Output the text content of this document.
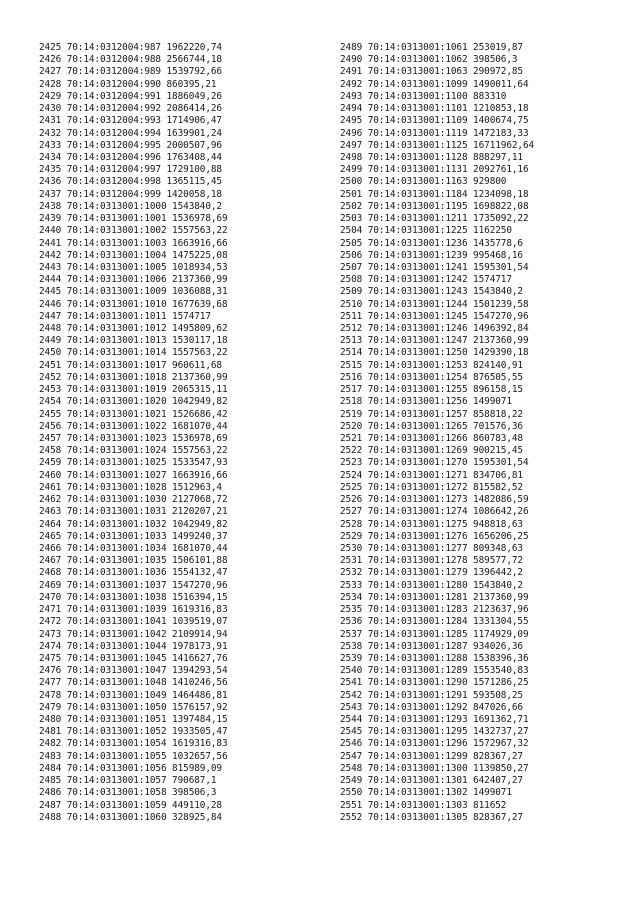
2425 70:14:0312004:987 1962220,74
2426 70:14:0312004:988 2566744,18
2427 70:14:0312004:989 1539792,66
2428 70:14:0312004:990 860395,21
2429 70:14:0312004:991 1886049,26
2430 70:14:0312004:992 2086414,26
2431 70:14:0312004:993 1714906,47
2432 70:14:0312004:994 1639901,24
2433 70:14:0312004:995 2000507,96
2434 70:14:0312004:996 1763408,44
2435 70:14:0312004:997 1729100,88
2436 70:14:0312004:998 1365115,45
2437 70:14:0312004:999 1420058,18
2438 70:14:0313001:1000 1543840,2
2439 70:14:0313001:1001 1536978,69
2440 70:14:0313001:1002 1557563,22
2441 70:14:0313001:1003 1663916,66
2442 70:14:0313001:1004 1475225,08
2443 70:14:0313001:1005 1018934,53
2444 70:14:0313001:1006 2137360,99
2445 70:14:0313001:1009 1036088,31
2446 70:14:0313001:1010 1677639,68
2447 70:14:0313001:1011 1574717
2448 70:14:0313001:1012 1495809,62
2449 70:14:0313001:1013 1530117,18
2450 70:14:0313001:1014 1557563,22
2451 70:14:0313001:1017 960611,68
2452 70:14:0313001:1018 2137360,99
2453 70:14:0313001:1019 2065315,11
2454 70:14:0313001:1020 1042949,82
2455 70:14:0313001:1021 1526686,42
2456 70:14:0313001:1022 1681070,44
2457 70:14:0313001:1023 1536978,69
2458 70:14:0313001:1024 1557563,22
2459 70:14:0313001:1025 1533547,93
2460 70:14:0313001:1027 1663916,66
2461 70:14:0313001:1028 1512963,4
2462 70:14:0313001:1030 2127068,72
2463 70:14:0313001:1031 2120207,21
2464 70:14:0313001:1032 1042949,82
2465 70:14:0313001:1033 1499240,37
2466 70:14:0313001:1034 1681070,44
2467 70:14:0313001:1035 1506101,88
2468 70:14:0313001:1036 1554132,47
2469 70:14:0313001:1037 1547270,96
2470 70:14:0313001:1038 1516394,15
2471 70:14:0313001:1039 1619316,83
2472 70:14:0313001:1041 1039519,07
2473 70:14:0313001:1042 2109914,94
2474 70:14:0313001:1044 1978173,91
2475 70:14:0313001:1045 1416627,76
2476 70:14:0313001:1047 1394293,54
2477 70:14:0313001:1048 1410246,56
2478 70:14:0313001:1049 1464486,81
2479 70:14:0313001:1050 1576157,92
2480 70:14:0313001:1051 1397484,15
2481 70:14:0313001:1052 1933505,47
2482 70:14:0313001:1054 1619316,83
2483 70:14:0313001:1055 1032657,56
2484 70:14:0313001:1056 815989,09
2485 70:14:0313001:1057 790687,1
2486 70:14:0313001:1058 398506,3
2487 70:14:0313001:1059 449110,28
2488 70:14:0313001:1060 328925,84
2489 70:14:0313001:1061 253019,87
2490 70:14:0313001:1062 398506,3
2491 70:14:0313001:1063 290972,85
2492 70:14:0313001:1099 1490011,64
2493 70:14:0313001:1100 883310
2494 70:14:0313001:1101 1210853,18
2495 70:14:0313001:1109 1400674,75
2496 70:14:0313001:1119 1472183,33
2497 70:14:0313001:1125 16711962,64
2498 70:14:0313001:1128 888297,11
2499 70:14:0313001:1131 2092761,16
2500 70:14:0313001:1163 929800
2501 70:14:0313001:1184 1234098,18
2502 70:14:0313001:1195 1698822,08
2503 70:14:0313001:1211 1735092,22
2504 70:14:0313001:1225 1162250
2505 70:14:0313001:1236 1435778,6
2506 70:14:0313001:1239 995468,16
2507 70:14:0313001:1241 1595301,54
2508 70:14:0313001:1242 1574717
2509 70:14:0313001:1243 1543840,2
2510 70:14:0313001:1244 1501239,58
2511 70:14:0313001:1245 1547270,96
2512 70:14:0313001:1246 1496392,84
2513 70:14:0313001:1247 2137360,99
2514 70:14:0313001:1250 1429390,18
2515 70:14:0313001:1253 824140,91
2516 70:14:0313001:1254 876505,55
2517 70:14:0313001:1255 896158,15
2518 70:14:0313001:1256 1499071
2519 70:14:0313001:1257 858818,22
2520 70:14:0313001:1265 701576,36
2521 70:14:0313001:1266 860783,48
2522 70:14:0313001:1269 900215,45
2523 70:14:0313001:1270 1595301,54
2524 70:14:0313001:1271 834706,81
2525 70:14:0313001:1272 815582,52
2526 70:14:0313001:1273 1482086,59
2527 70:14:0313001:1274 1086642,26
2528 70:14:0313001:1275 948818,63
2529 70:14:0313001:1276 1656206,25
2530 70:14:0313001:1277 809348,63
2531 70:14:0313001:1278 589577,72
2532 70:14:0313001:1279 1396442,2
2533 70:14:0313001:1280 1543840,2
2534 70:14:0313001:1281 2137360,99
2535 70:14:0313001:1283 2123637,96
2536 70:14:0313001:1284 1331304,55
2537 70:14:0313001:1285 1174929,09
2538 70:14:0313001:1287 934026,36
2539 70:14:0313001:1288 1538396,36
2540 70:14:0313001:1289 1553540,83
2541 70:14:0313001:1290 1571286,25
2542 70:14:0313001:1291 593508,25
2543 70:14:0313001:1292 847026,66
2544 70:14:0313001:1293 1691362,71
2545 70:14:0313001:1295 1432737,27
2546 70:14:0313001:1296 1572967,32
2547 70:14:0313001:1299 828367,27
2548 70:14:0313001:1300 1139850,27
2549 70:14:0313001:1301 642407,27
2550 70:14:0313001:1302 1499071
2551 70:14:0313001:1303 811652
2552 70:14:0313001:1305 828367,27
